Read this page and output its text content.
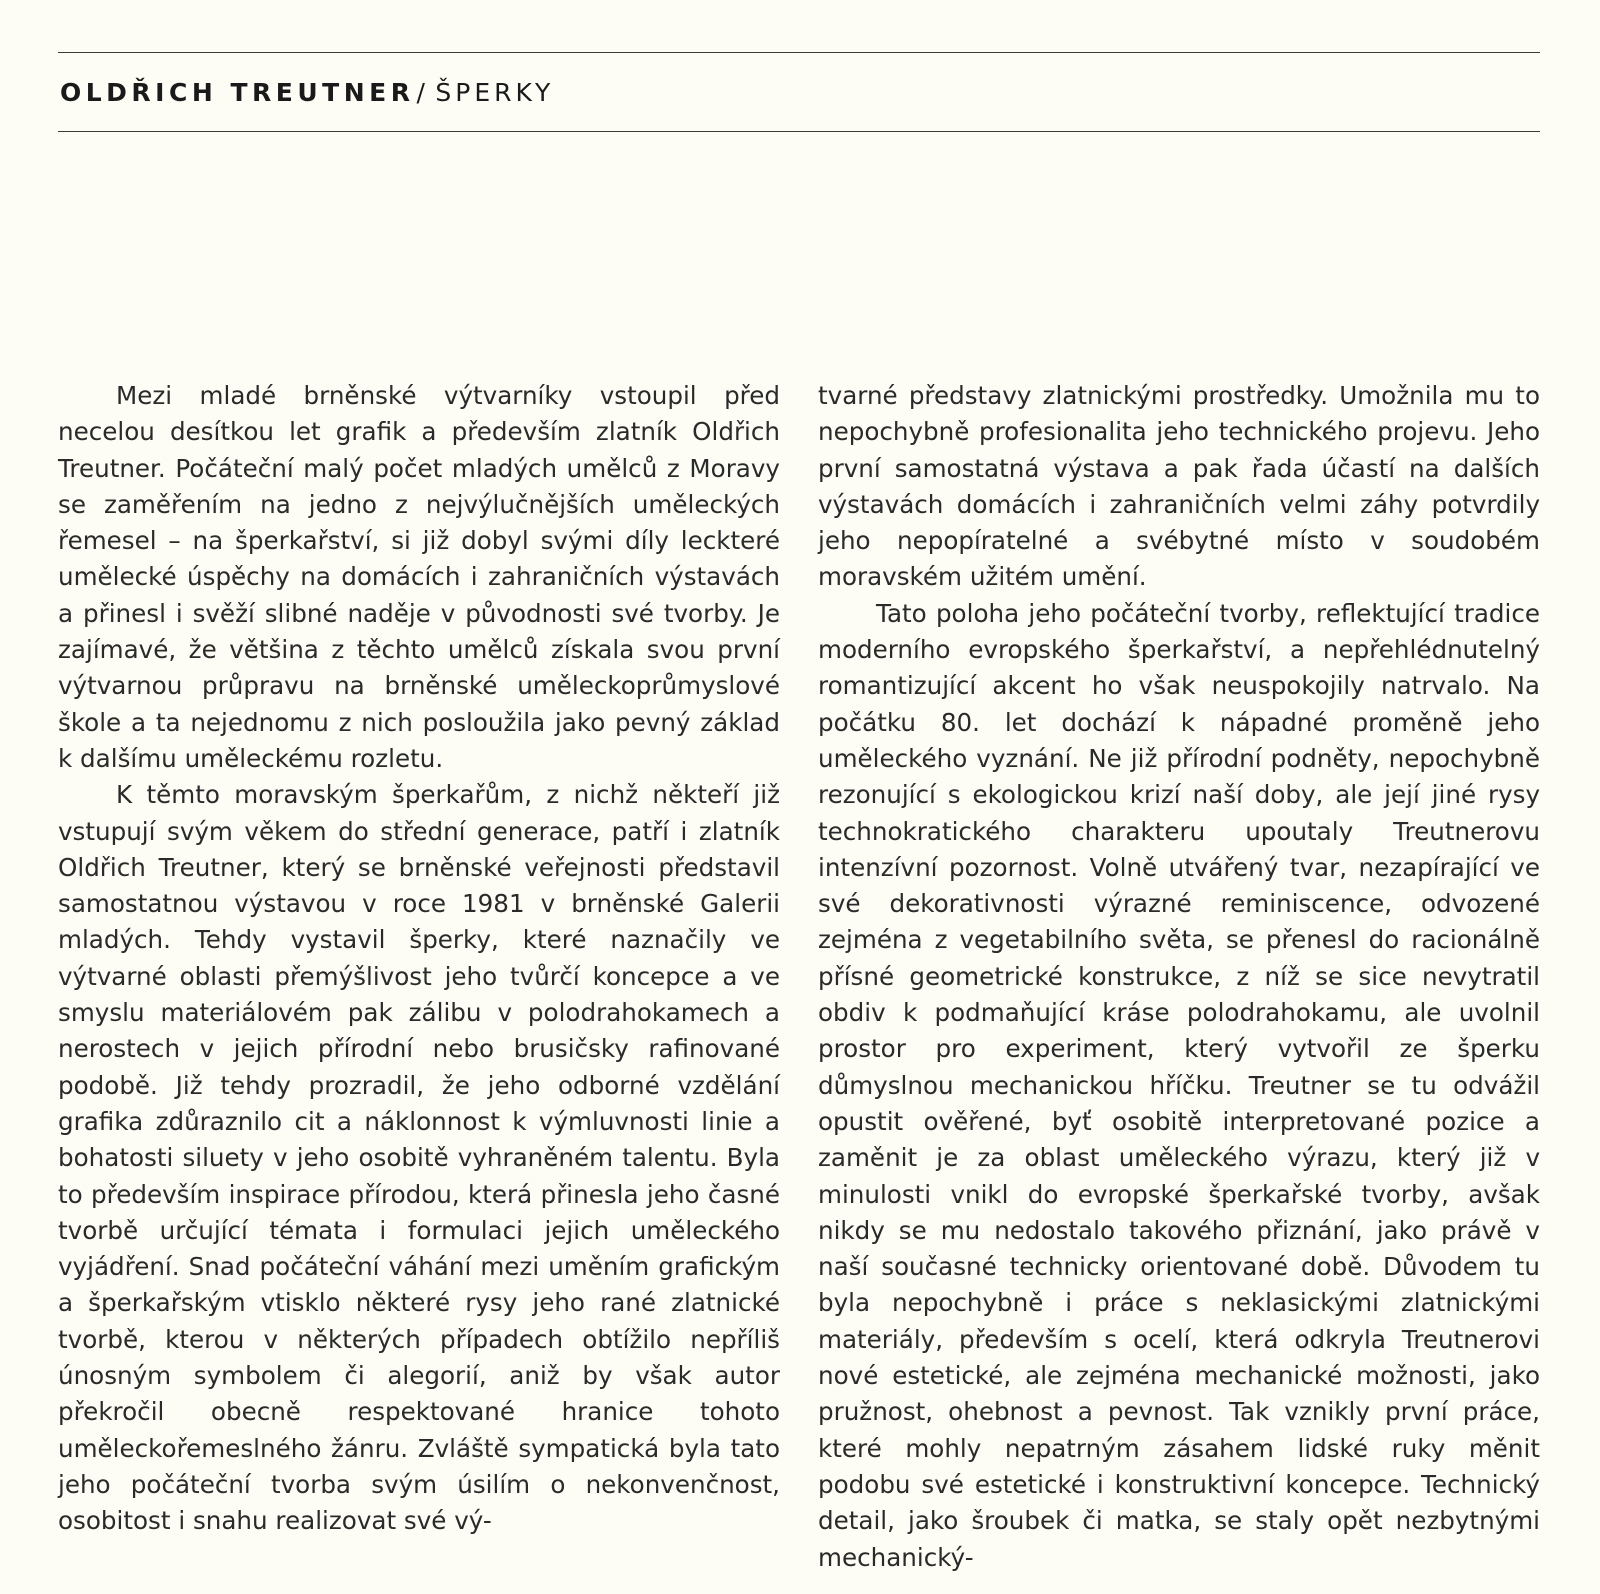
OLDŘICH TREUTNER/ ŠPERKY

Mezi mladé brněnské výtvarníky vstoupil před necelou desítkou let grafik a především zlatník Oldřich Treutner. Počáteční malý počet mladých umělců z Moravy se zaměřením na jedno z nejvýlučnějších uměleckých řemesel – na šperkařství, si již dobyl svými díly leckteré umělecké úspěchy na domácích i zahraničních výstavách a přinesl i svěží slibné naděje v původnosti své tvorby. Je zajímavé, že většina z těchto umělců získala svou první výtvarnou průpravu na brněnské uměleckoprůmyslové škole a ta nejednomu z nich posloužila jako pevný základ k dalšímu uměleckému rozletu.

K těmto moravským šperkařům, z nichž někteří již vstupují svým věkem do střední generace, patří i zlatník Oldřich Treutner, který se brněnské veřejnosti představil samostatnou výstavou v roce 1981 v brněnské Galerii mladých. Tehdy vystavil šperky, které naznačily ve výtvarné oblasti přemýšlivost jeho tvůrčí koncepce a ve smyslu materiálovém pak zálibu v polodrahokamech a nerostech v jejich přírodní nebo brusičsky rafinované podobě. Již tehdy prozradil, že jeho odborné vzdělání grafika zdůraznilo cit a náklonnost k výmluvnosti linie a bohatosti siluety v jeho osobitě vyhraněném talentu. Byla to především inspirace přírodou, která přinesla jeho časné tvorbě určující témata i formulaci jejich uměleckého vyjádření. Snad počáteční váhání mezi uměním grafickým a šperkařským vtisklo některé rysy jeho rané zlatnické tvorbě, kterou v některých případech obtížilo nepříliš únosným symbolem či alegorií, aniž by však autor překročil obecně respektované hranice tohoto uměleckořemeslného žánru. Zvláště sympatická byla tato jeho počáteční tvorba svým úsilím o nekonvenčnost, osobitost i snahu realizovat své vý-

tvarné představy zlatnickými prostředky. Umožnila mu to nepochybně profesionalita jeho technického projevu. Jeho první samostatná výstava a pak řada účastí na dalších výstavách domácích i zahraničních velmi záhy potvrdily jeho nepopíratelné a svébytné místo v soudobém moravském užitém umění.

Tato poloha jeho počáteční tvorby, reflektující tradice moderního evropského šperkařství, a nepřehlédnutelný romantizující akcent ho však neuspokojily natrvalo. Na počátku 80. let dochází k nápadné proměně jeho uměleckého vyznání. Ne již přírodní podněty, nepochybně rezonující s ekologickou krizí naší doby, ale její jiné rysy technokratického charakteru upoutaly Treutnerovu intenzívní pozornost. Volně utvářený tvar, nezapírající ve své dekorativnosti výrazné reminiscence, odvozené zejména z vegetabilního světa, se přenesl do racionálně přísné geometrické konstrukce, z níž se sice nevytratil obdiv k podmaňující kráse polodrahokamu, ale uvolnil prostor pro experiment, který vytvořil ze šperku důmyslnou mechanickou hříčku. Treutner se tu odvážil opustit ověřené, byť osobitě interpretované pozice a zaměnit je za oblast uměleckého výrazu, který již v minulosti vnikl do evropské šperkařské tvorby, avšak nikdy se mu nedostalo takového přiznání, jako právě v naší současné technicky orientované době. Důvodem tu byla nepochybně i práce s neklasickými zlatnickými materiály, především s ocelí, která odkryla Treutnerovi nové estetické, ale zejména mechanické možnosti, jako pružnost, ohebnost a pevnost. Tak vznikly první práce, které mohly nepatrným zásahem lidské ruky měnit podobu své estetické i konstruktivní koncepce. Technický detail, jako šroubek či matka, se staly opět nezbytnými mechanický-
